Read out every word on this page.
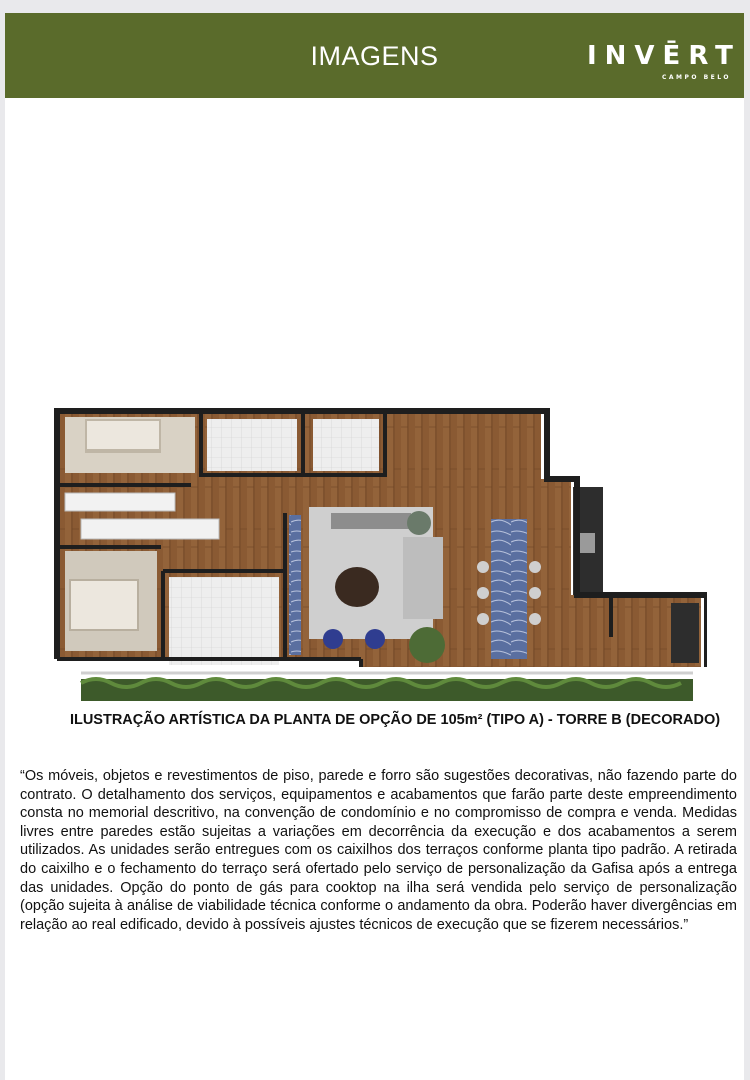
IMAGENS	INVĒRT
CAMPO BELO
ILUSTRAÇÃO ARTÍSTICA DA PLANTA DE OPÇÃO DE 105m² (TIPO A) - TORRE B (DECORADO)
“Os móveis, objetos e revestimentos de piso, parede e forro são sugestões decorativas, não fazendo parte do contrato. O detalhamento dos serviços, equipamentos e acabamentos que farão parte deste empreendimento consta no memorial descritivo, na convenção de condomínio e no compromisso de compra e venda. Medidas livres entre paredes estão sujeitas a variações em decorrência da execução e dos acabamentos a serem utilizados. As unidades serão entregues com os caixilhos dos terraços conforme planta tipo padrão. A retirada do caixilho e o fechamento do terraço será ofertado pelo serviço de personalização da Gafisa após a entrega das unidades. Opção do ponto de gás para cooktop na ilha será vendida pelo serviço de personalização (opção sujeita à análise de viabilidade técnica conforme o andamento da obra. Poderão haver divergências em relação ao real edificado, devido à possíveis ajustes técnicos de execução que se fizerem necessários.”
